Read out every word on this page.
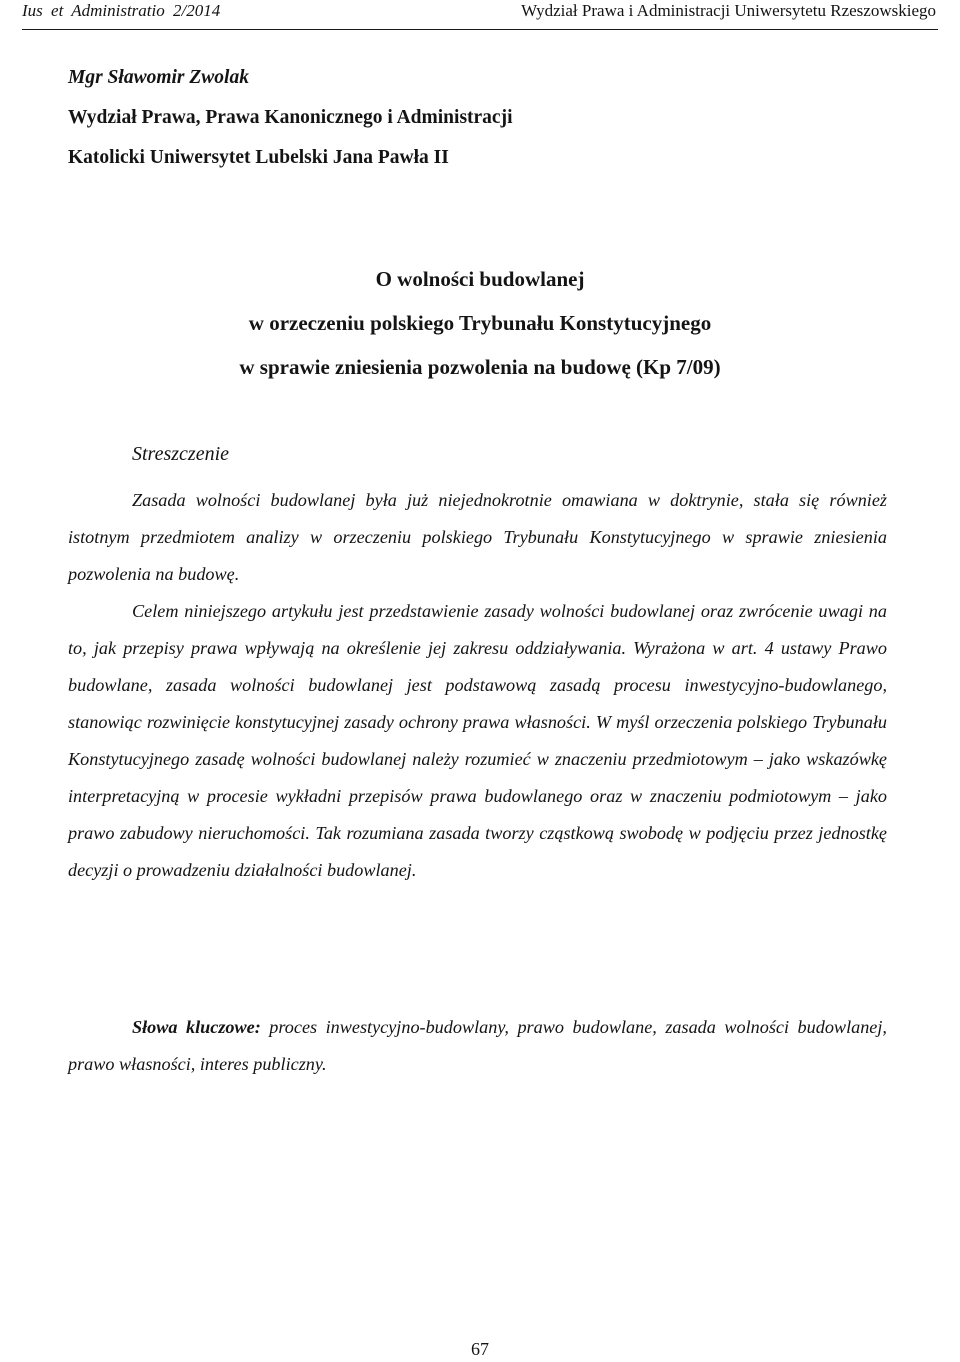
Ius et Administratio 2/2014	Wydział Prawa i Administracji Uniwersytetu Rzeszowskiego
Mgr Sławomir Zwolak
Wydział Prawa, Prawa Kanonicznego i Administracji
Katolicki Uniwersytet Lubelski Jana Pawła II
O wolności budowlanej
w orzeczeniu polskiego Trybunału Konstytucyjnego
w sprawie zniesienia pozwolenia na budowę (Kp 7/09)
Streszczenie

Zasada wolności budowlanej była już niejednokrotnie omawiana w doktrynie, stała się również istotnym przedmiotem analizy w orzeczeniu polskiego Trybunału Konstytucyjnego w sprawie zniesienia pozwolenia na budowę.

Celem niniejszego artykułu jest przedstawienie zasady wolności budowlanej oraz zwrócenie uwagi na to, jak przepisy prawa wpływają na określenie jej zakresu oddziaływania. Wyrażona w art. 4 ustawy Prawo budowlane, zasada wolności budowlanej jest podstawową zasadą procesu inwestycyjno-budowlanego, stanowiąc rozwinięcie konstytucyjnej zasady ochrony prawa własności. W myśl orzeczenia polskiego Trybunału Konstytucyjnego zasadę wolności budowlanej należy rozumieć w znaczeniu przedmiotowym – jako wskazówkę interpretacyjną w procesie wykładni przepisów prawa budowlanego oraz w znaczeniu podmiotowym – jako prawo zabudowy nieruchomości. Tak rozumiana zasada tworzy cząstkową swobodę w podjęciu przez jednostkę decyzji o prowadzeniu działalności budowlanej.

Słowa kluczowe: proces inwestycyjno-budowlany, prawo budowlane, zasada wolności budowlanej, prawo własności, interes publiczny.
67
